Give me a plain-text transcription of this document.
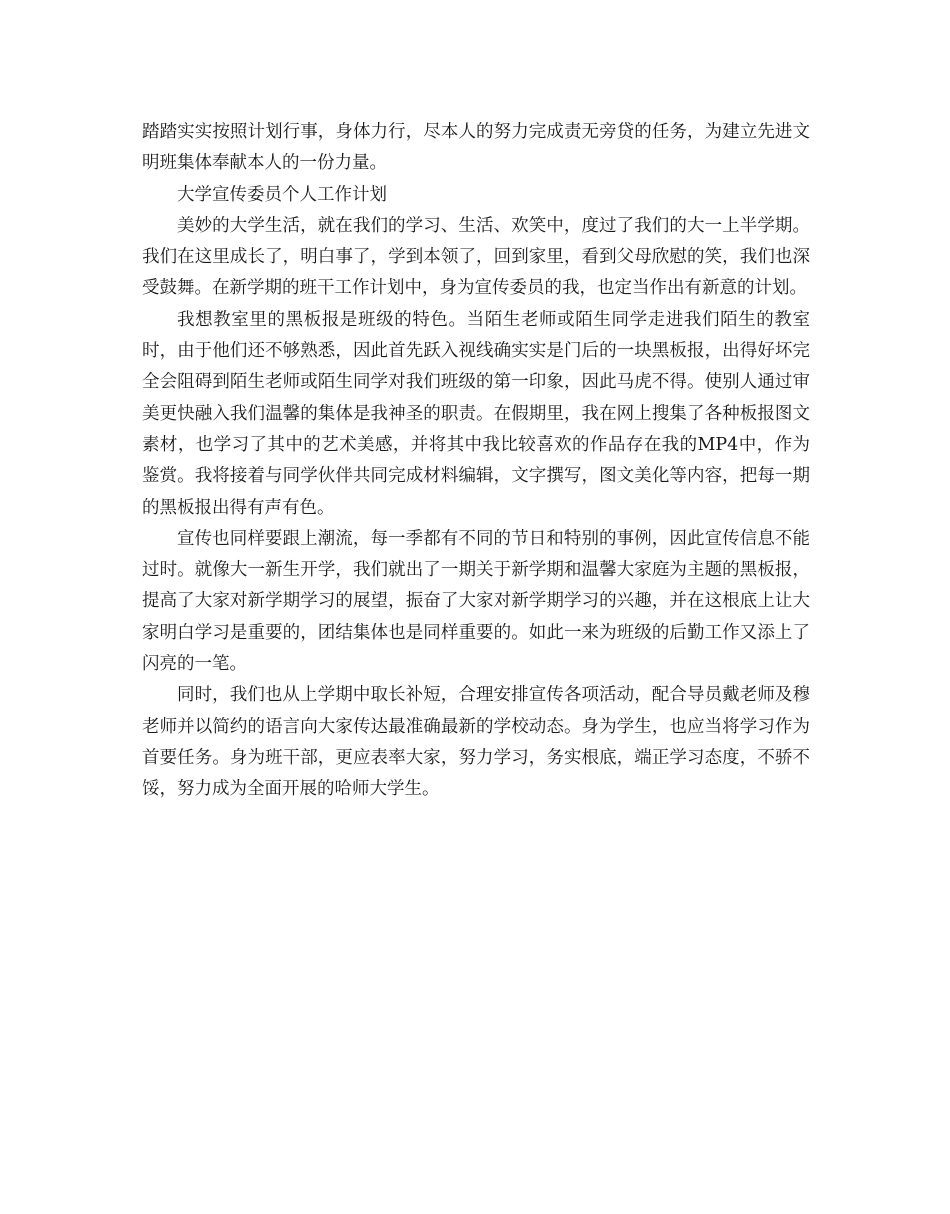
踏踏实实按照计划行事，身体力行，尽本人的努力完成责无旁贷的任务，为建立先进文明班集体奉献本人的一份力量。

大学宣传委员个人工作计划

美妙的大学生活，就在我们的学习、生活、欢笑中，度过了我们的大一上半学期。我们在这里成长了，明白事了，学到本领了，回到家里，看到父母欣慰的笑，我们也深受鼓舞。在新学期的班干工作计划中，身为宣传委员的我，也定当作出有新意的计划。

我想教室里的黑板报是班级的特色。当陌生老师或陌生同学走进我们陌生的教室时，由于他们还不够熟悉，因此首先跃入视线确实实是门后的一块黑板报，出得好坏完全会阻碍到陌生老师或陌生同学对我们班级的第一印象，因此马虎不得。使别人通过审美更快融入我们温馨的集体是我神圣的职责。在假期里，我在网上搜集了各种板报图文素材，也学习了其中的艺术美感，并将其中我比较喜欢的作品存在我的MP4中，作为鉴赏。我将接着与同学伙伴共同完成材料编辑，文字撰写，图文美化等内容，把每一期的黑板报出得有声有色。

宣传也同样要跟上潮流，每一季都有不同的节日和特别的事例，因此宣传信息不能过时。就像大一新生开学，我们就出了一期关于新学期和温馨大家庭为主题的黑板报，提高了大家对新学期学习的展望，振奋了大家对新学期学习的兴趣，并在这根底上让大家明白学习是重要的，团结集体也是同样重要的。如此一来为班级的后勤工作又添上了闪亮的一笔。

同时，我们也从上学期中取长补短，合理安排宣传各项活动，配合导员戴老师及穆老师并以简约的语言向大家传达最准确最新的学校动态。身为学生，也应当将学习作为首要任务。身为班干部，更应表率大家，努力学习，务实根底，端正学习态度，不骄不馁，努力成为全面开展的哈师大学生。
